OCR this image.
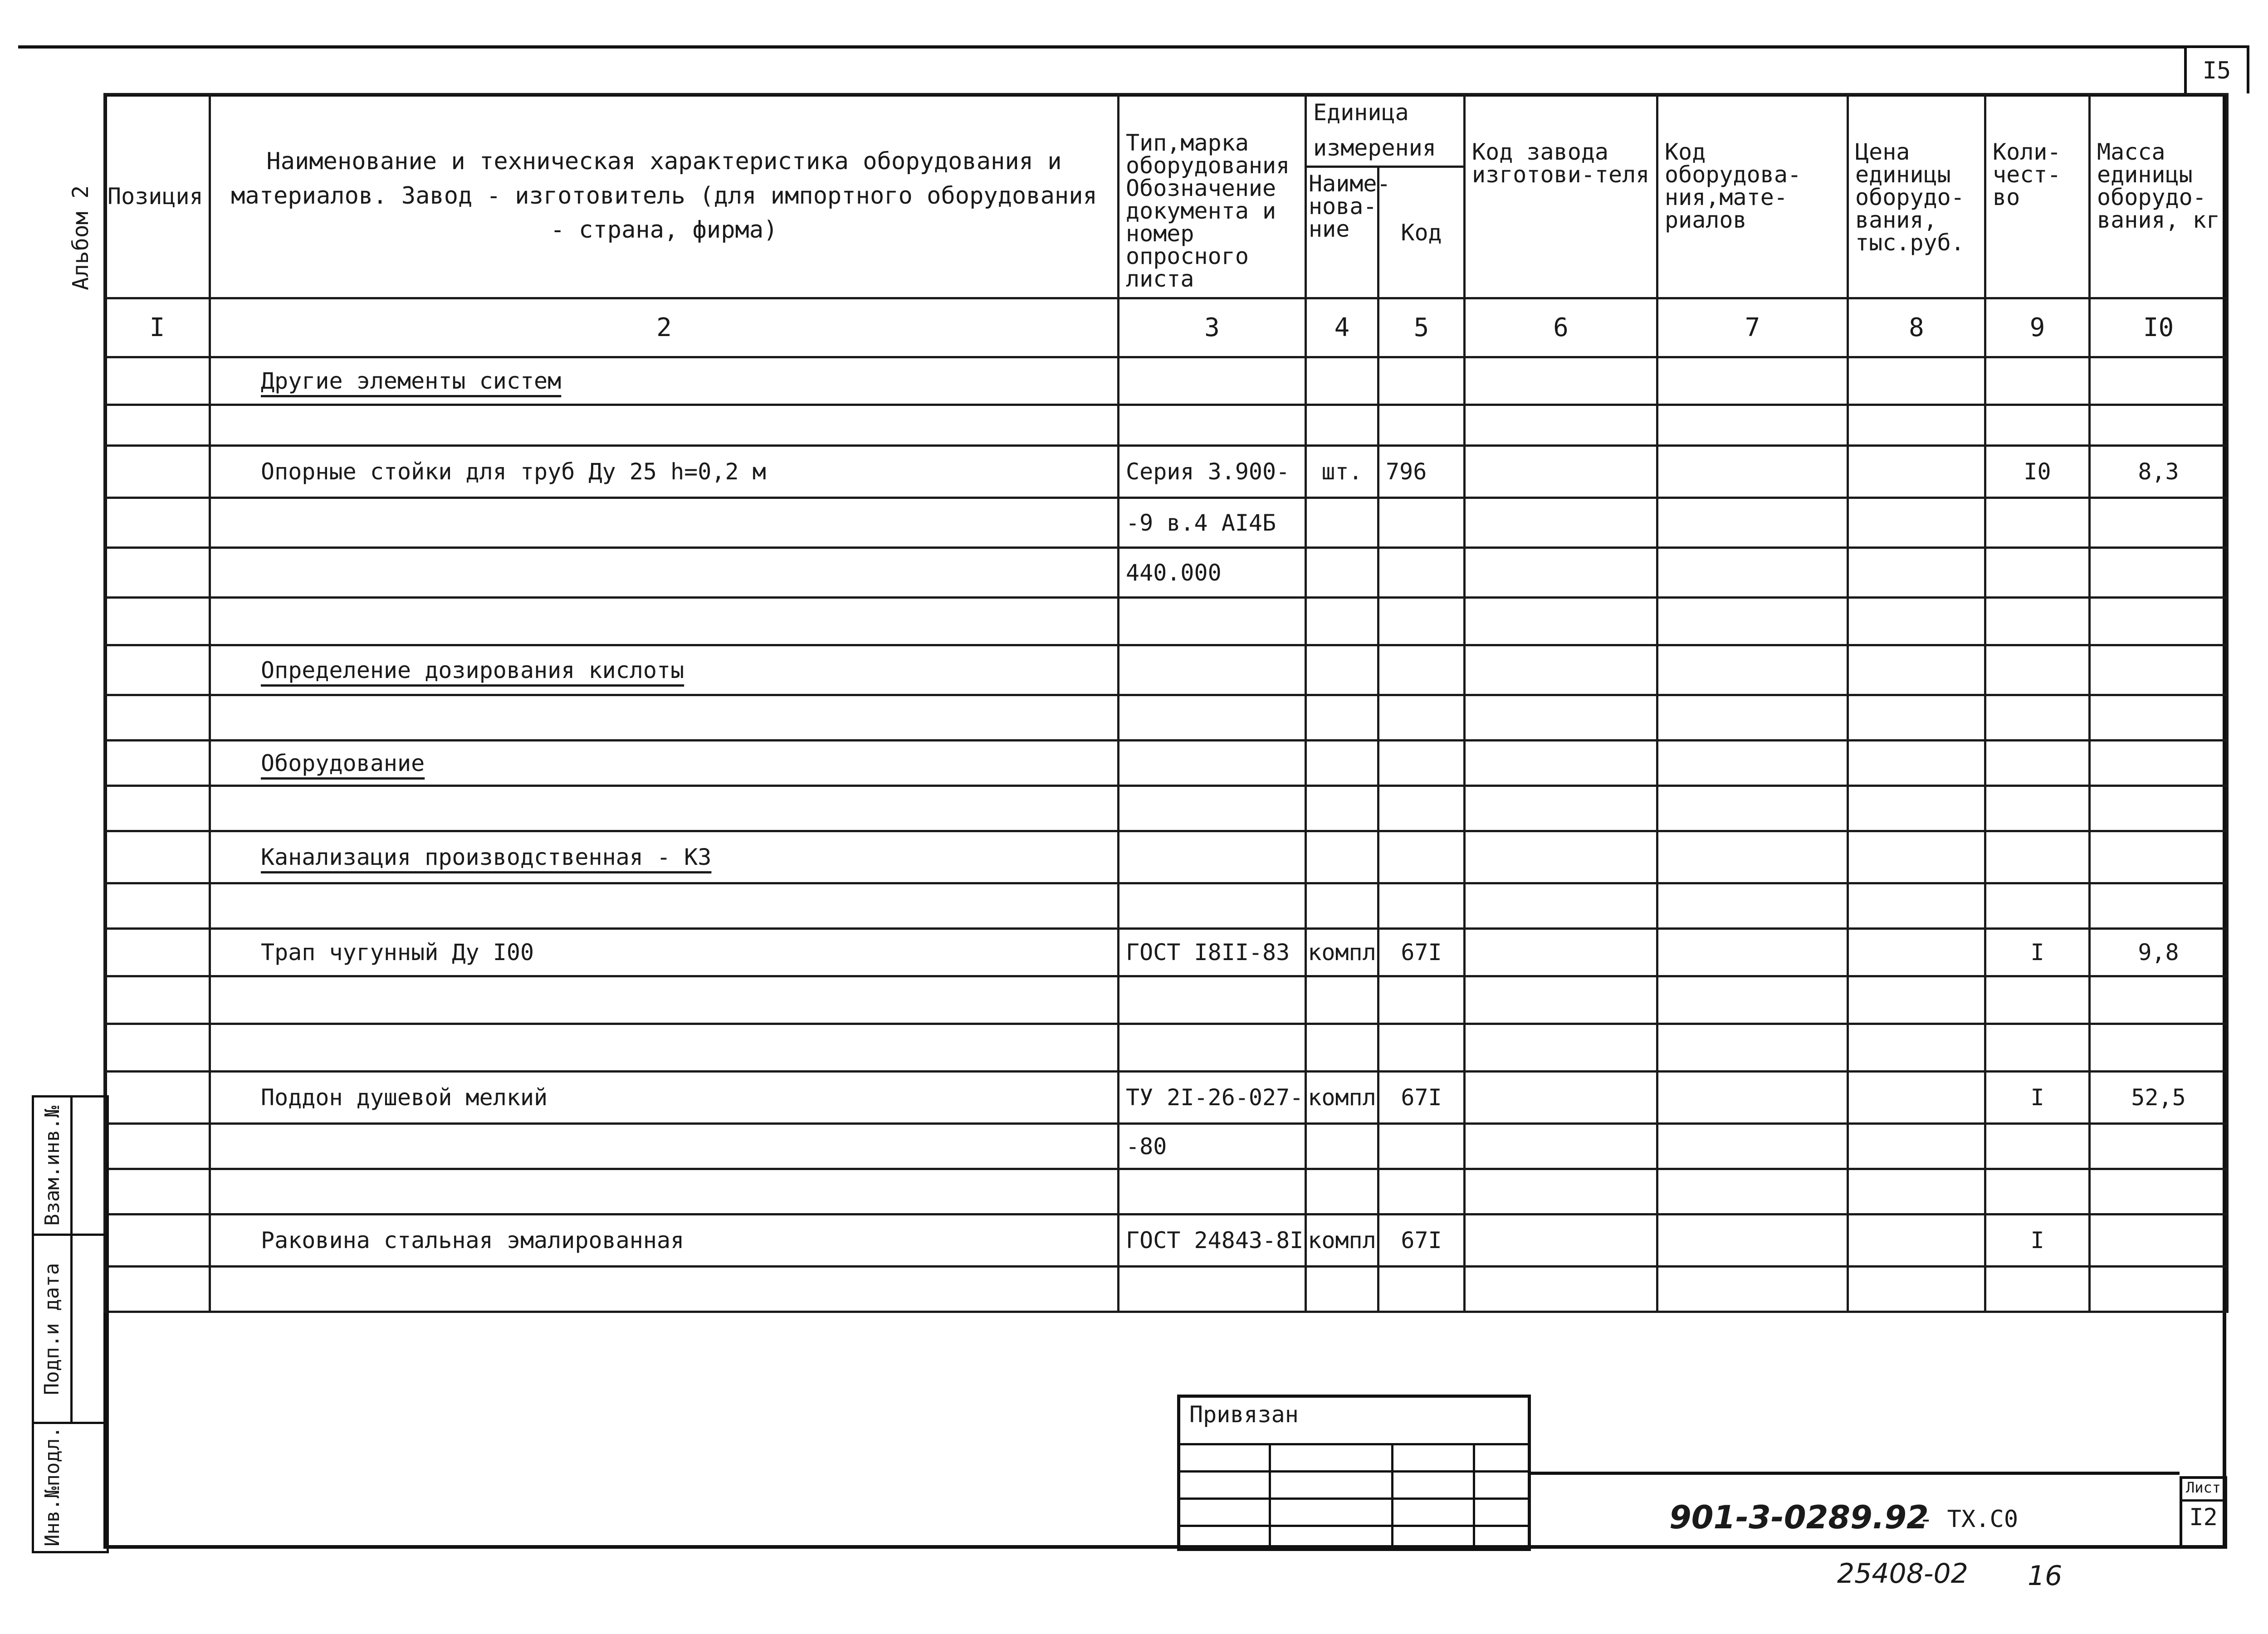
I5
Позиция	Наименование и техническая характеристика оборудования и материалов. Завод - изготовитель (для импортного оборудования - страна, фирма)	Тип,марка оборудования Обозначение документа и номер опросного листа	Единица измерения		Код завода изготови-теля	Код оборудова-ния,мате-риалов	Цена единицы оборудо-вания, тыс.руб.	Коли-чест-во	Масса единицы оборудо-вания, кг
			Наиме-нова-ние	Код					
I	2	3	4	5	6	7	8	9	I0
	Другие элементы систем								

	Опорные стойки для труб Ду 25 h=0,2 м	Серия 3.900-	шт.	796				I0	8,3
		-9 в.4 АI4Б							
		440.000							

	Определение дозирования кислоты								

	Оборудование								

	Канализация производственная - К3								

	Трап чугунный Ду I00	ГОСТ I8II-83	компл	67I				I	9,8

	Поддон душевой мелкий	ТУ 2I-26-027-	компл	67I				I	52,5
		-80							

	Раковина стальная эмалированная	ГОСТ 24843-8I	компл	67I				I	

Альбом 2
Взам.инв.№
Подп.и дата
Инв.№подл.
Привязан
901-3-0289.92
- ТХ.С0
Лист
I2
25408-02 16
